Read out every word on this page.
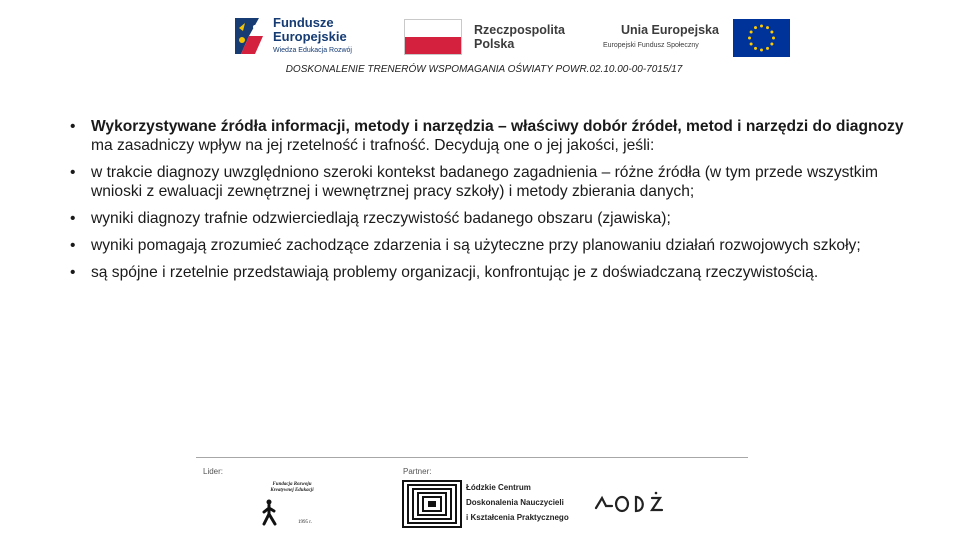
Fundusze
Europejskie
Wiedza Edukacja Rozwój
Rzeczpospolita
Polska
Unia Europejska
Europejski Fundusz Społeczny
DOSKONALENIE TRENERÓW WSPOMAGANIA OŚWIATY POWR.02.10.00-00-7015/17
• Wykorzystywane źródła informacji, metody i narzędzia – właściwy dobór źródeł, metod i narzędzi do diagnozy ma zasadniczy wpływ na jej rzetelność i trafność. Decydują one o jej jakości, jeśli:
• w trakcie diagnozy uwzględniono szeroki kontekst badanego zagadnienia – różne źródła (w tym przede wszystkim wnioski z ewaluacji zewnętrznej i wewnętrznej pracy szkoły) i metody zbierania danych;
• wyniki diagnozy trafnie odzwierciedlają rzeczywistość badanego obszaru (zjawiska);
• wyniki pomagają zrozumieć zachodzące zdarzenia i są użyteczne przy planowaniu działań rozwojowych szkoły;
• są spójne i rzetelnie przedstawiają problemy organizacji, konfrontując je z doświadczaną rzeczywistością.
Lider:	Partner:
Fundacja Rozwoju Kreatywnej Edukacji
1995 r.
Łódzkie Centrum
Doskonalenia Nauczycieli
i Kształcenia Praktycznego
